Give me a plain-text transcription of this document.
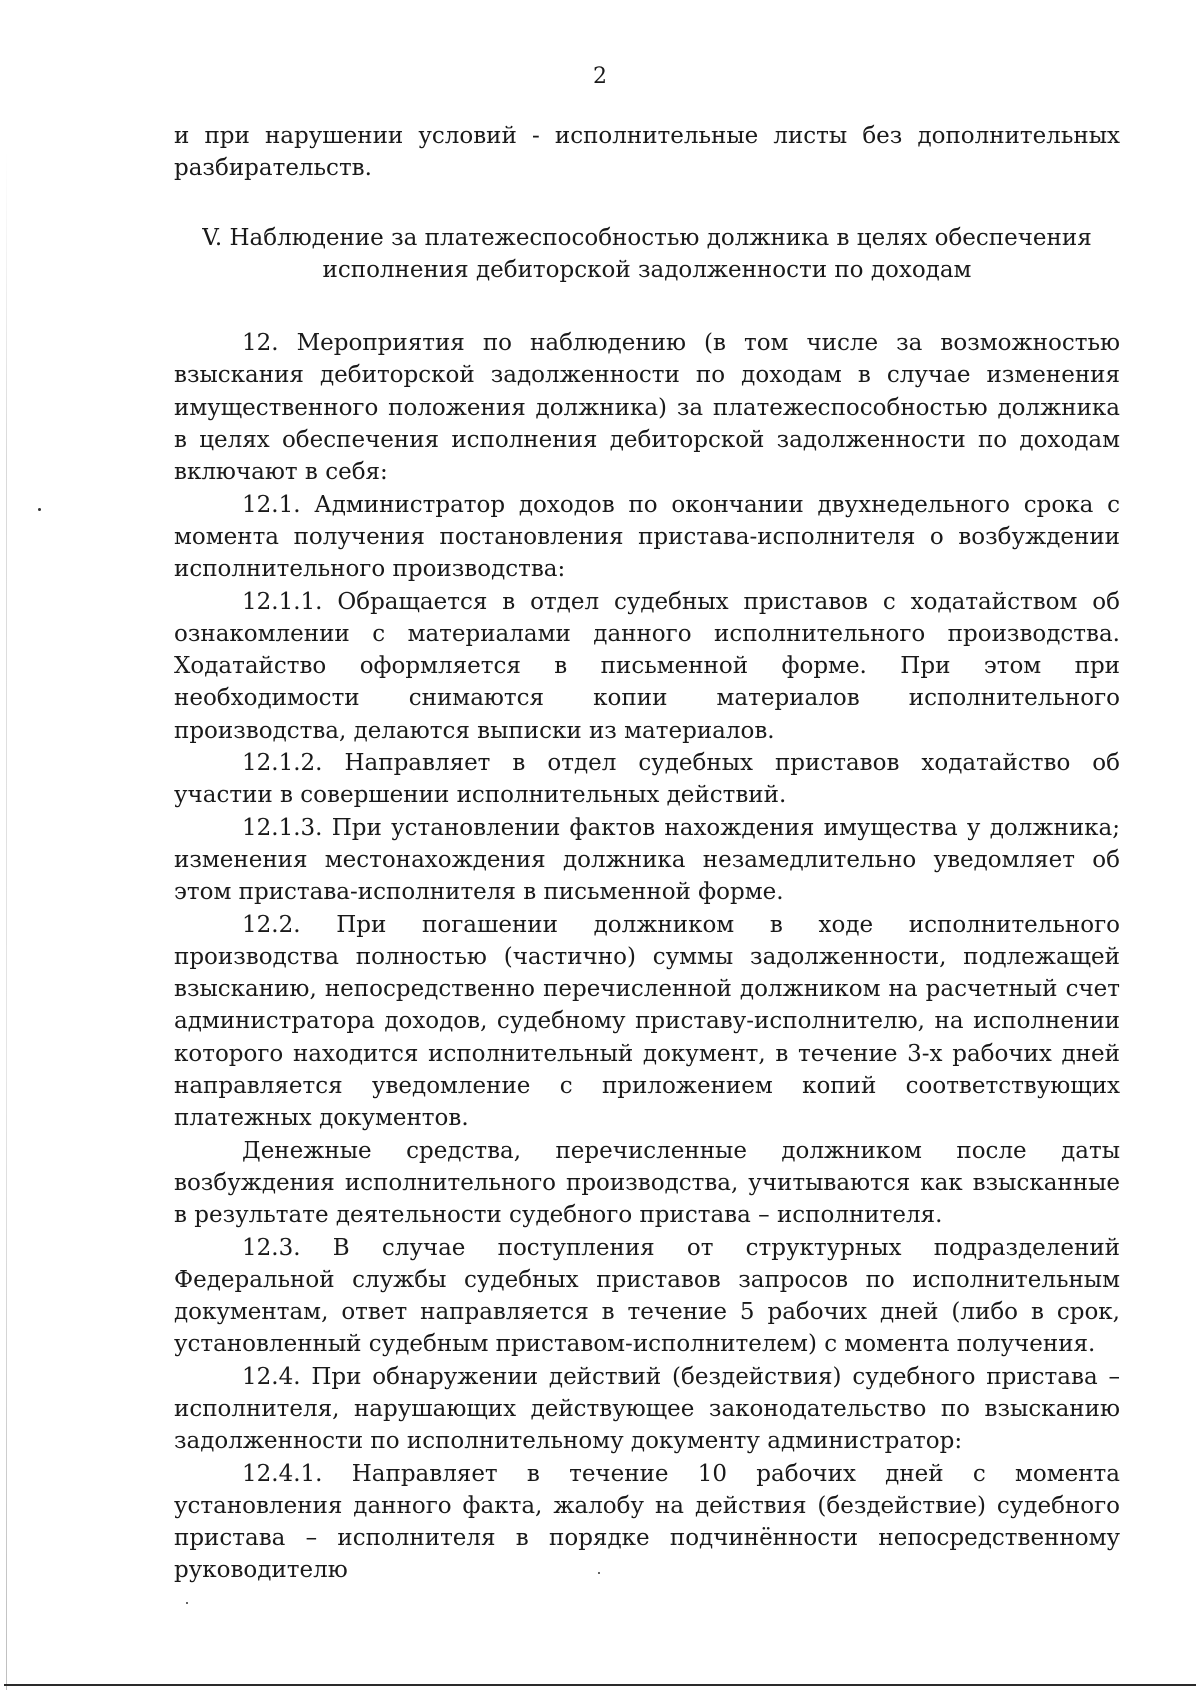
2

и при нарушении условий - исполнительные листы без дополнительных разбирательств.

V. Наблюдение за платежеспособностью должника в целях обеспечения

исполнения дебиторской задолженности по доходам

12. Мероприятия по наблюдению (в том числе за возможностью взыскания дебиторской задолженности по доходам в случае изменения имущественного положения должника) за платежеспособностью должника в целях обеспечения исполнения дебиторской задолженности по доходам включают в себя:

12.1. Администратор доходов по окончании двухнедельного срока с момента получения постановления пристава-исполнителя о возбуждении исполнительного производства:

12.1.1. Обращается в отдел судебных приставов с ходатайством об ознакомлении с материалами данного исполнительного производства. Ходатайство оформляется в письменной форме. При этом при необходимости снимаются копии материалов исполнительного производства, делаются выписки из материалов.

12.1.2. Направляет в отдел судебных приставов ходатайство об участии в совершении исполнительных действий.

12.1.3. При установлении фактов нахождения имущества у должника; изменения местонахождения должника незамедлительно уведомляет об этом пристава-исполнителя в письменной форме.

12.2. При погашении должником в ходе исполнительного производства полностью (частично) суммы задолженности, подлежащей взысканию, непосредственно перечисленной должником на расчетный счет администратора доходов, судебному приставу-исполнителю, на исполнении которого находится исполнительный документ, в течение 3-х рабочих дней направляется уведомление с приложением копий соответствующих платежных документов.

Денежные средства, перечисленные должником после даты возбуждения исполнительного производства, учитываются как взысканные в результате деятельности судебного пристава – исполнителя.

12.3. В случае поступления от структурных подразделений Федеральной службы судебных приставов запросов по исполнительным документам, ответ направляется в течение 5 рабочих дней (либо в срок, установленный судебным приставом-исполнителем) с момента получения.

12.4. При обнаружении действий (бездействия) судебного пристава – исполнителя, нарушающих действующее законодательство по взысканию задолженности по исполнительному документу администратор:

12.4.1. Направляет в течение 10 рабочих дней с момента установления данного факта, жалобу на действия (бездействие) судебного пристава – исполнителя в порядке подчинённости непосредственному руководителю
